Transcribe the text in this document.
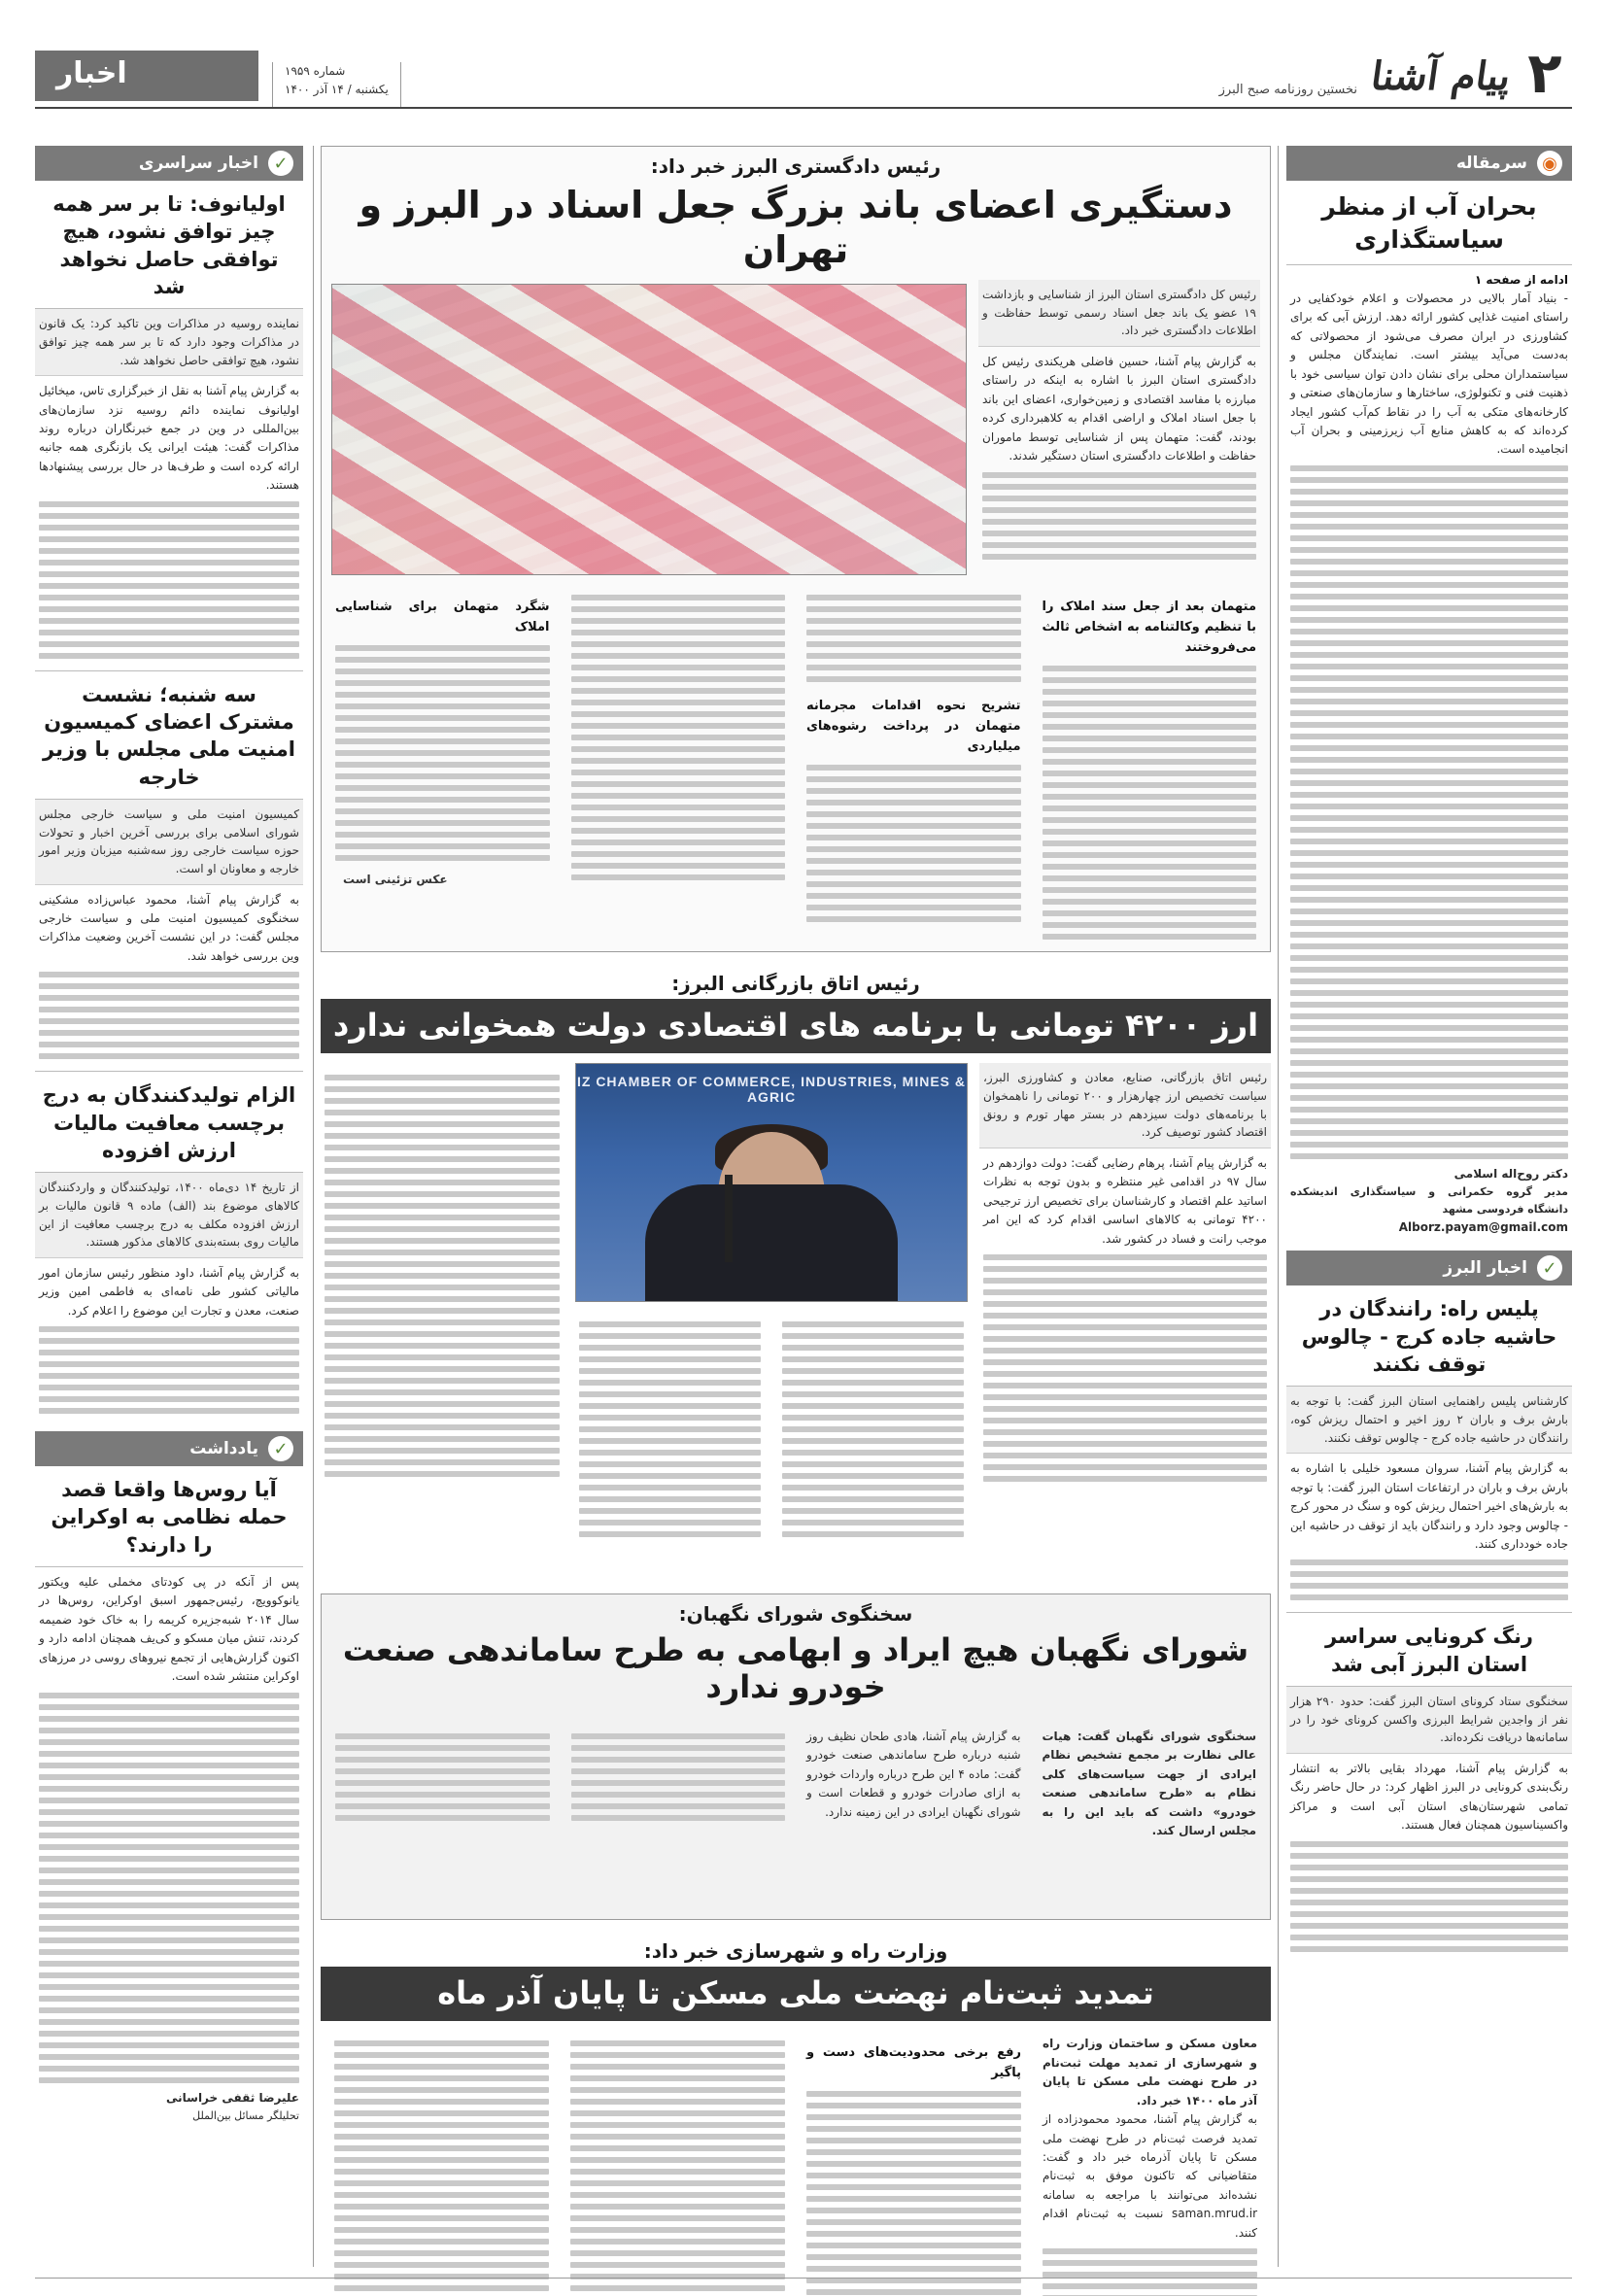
۲
پیام آشنا
نخستین روزنامه صبح البرز
شماره ۱۹۵۹
یکشنبه / ۱۴ آذر ۱۴۰۰
اخبار
◉
سرمقاله
بحران آب از منظر سیاستگذاری
ادامه از صفحه ۱

- بنیاد آمار بالایی در محصولات و اعلام خودکفایی در راستای امنیت غذایی کشور ارائه دهد. ارزش آبی که برای کشاورزی در ایران مصرف می‌شود از محصولاتی که به‌دست می‌آید بیشتر است. نمایندگان مجلس و سیاستمداران محلی برای نشان دادن توان سیاسی خود با ذهنیت فنی و تکنولوژی، ساختارها و سازمان‌های صنعتی و کارخانه‌های متکی به آب را در نقاط کم‌آب کشور ایجاد کرده‌اند که به کاهش منابع آب زیرزمینی و بحران آب انجامیده است.

دکتر روح‌اله اسلامی
مدیر گروه حکمرانی و سیاستگذاری اندیشکده دانشگاه فردوسی مشهد
Alborz.payam@gmail.com
✓
اخبار البرز
پلیس راه: رانندگان در حاشیه جاده کرج - چالوس توقف نکنند
کارشناس پلیس راهنمایی استان البرز گفت: با توجه به بارش برف و باران ۲ روز اخیر و احتمال ریزش کوه، رانندگان در حاشیه جاده کرج - چالوس توقف نکنند.

به گزارش پیام آشنا، سروان مسعود خلیلی با اشاره به بارش برف و باران در ارتفاعات استان البرز گفت: با توجه به بارش‌های اخیر احتمال ریزش کوه و سنگ در محور کرج - چالوس وجود دارد و رانندگان باید از توقف در حاشیه این جاده خودداری کنند.

رنگ کرونایی سراسر استان البرز آبی شد
سخنگوی ستاد کرونای استان البرز گفت: حدود ۲۹۰ هزار نفر از واجدین شرایط البرزی واکسن کرونای خود را در سامانه‌ها دریافت نکرده‌اند.

به گزارش پیام آشنا، مهرداد بقایی بالاتر به انتشار رنگ‌بندی کرونایی در البرز اظهار کرد: در حال حاضر رنگ تمامی شهرستان‌های استان آبی است و مراکز واکسیناسیون همچنان فعال هستند.

✓
اخبار سراسری
اولیانوف: تا بر سر همه چیز توافق نشود، هیچ توافقی حاصل نخواهد شد
نماینده روسیه در مذاکرات وین تاکید کرد: یک قانون در مذاکرات وجود دارد که تا بر سر همه چیز توافق نشود، هیچ توافقی حاصل نخواهد شد.

به گزارش پیام آشنا به نقل از خبرگزاری تاس، میخائیل اولیانوف نماینده دائم روسیه نزد سازمان‌های بین‌المللی در وین در جمع خبرنگاران درباره روند مذاکرات گفت: هیئت ایرانی یک بازنگری همه جانبه ارائه کرده است و طرف‌ها در حال بررسی پیشنهادها هستند.

سه شنبه؛ نشست مشترک اعضای کمیسیون امنیت ملی مجلس با وزیر خارجه
کمیسیون امنیت ملی و سیاست خارجی مجلس شورای اسلامی برای بررسی آخرین اخبار و تحولات حوزه سیاست خارجی روز سه‌شنبه میزبان وزیر امور خارجه و معاونان او است.

به گزارش پیام آشنا، محمود عباس‌زاده مشکینی سخنگوی کمیسیون امنیت ملی و سیاست خارجی مجلس گفت: در این نشست آخرین وضعیت مذاکرات وین بررسی خواهد شد.

الزام تولیدکنندگان به درج برچسب معافیت مالیات ارزش افزوده
از تاریخ ۱۴ دی‌ماه ۱۴۰۰، تولیدکنندگان و واردکنندگان کالاهای موضوع بند (الف) ماده ۹ قانون مالیات بر ارزش افزوده مکلف به درج برچسب معافیت از این مالیات روی بسته‌بندی کالاهای مذکور هستند.

به گزارش پیام آشنا، داود منظور رئیس سازمان امور مالیاتی کشور طی نامه‌ای به فاطمی امین وزیر صنعت، معدن و تجارت این موضوع را اعلام کرد.

✓
یادداشت
آیا روس‌ها واقعا قصد حمله نظامی به اوکراین را دارند؟

پس از آنکه در پی کودتای مخملی علیه ویکتور یانوکوویچ، رئیس‌جمهور اسبق اوکراین، روس‌ها در سال ۲۰۱۴ شبه‌جزیره کریمه را به خاک خود ضمیمه کردند، تنش میان مسکو و کی‌یف همچنان ادامه دارد و اکنون گزارش‌هایی از تجمع نیروهای روسی در مرزهای اوکراین منتشر شده است.

علیرضا ثقفی خراسانی
تحلیلگر مسائل بین‌الملل
رئیس دادگستری البرز خبر داد:
دستگیری اعضای باند بزرگ جعل اسناد در البرز و تهران
رئیس کل دادگستری استان البرز از شناسایی و بازداشت ۱۹ عضو یک باند جعل اسناد رسمی توسط حفاظت و اطلاعات دادگستری خبر داد.

به گزارش پیام آشنا، حسین فاضلی هریکندی رئیس کل دادگستری استان البرز با اشاره به اینکه در راستای مبارزه با مفاسد اقتصادی و زمین‌خواری، اعضای این باند با جعل اسناد املاک و اراضی اقدام به کلاهبرداری کرده بودند، گفت: متهمان پس از شناسایی توسط ماموران حفاظت و اطلاعات دادگستری استان دستگیر شدند.

متهمان بعد از جعل سند املاک را با تنظیم وکالتنامه به اشخاص ثالث می‌فروختند
تشریح نحوه اقدامات مجرمانه متهمان در پرداخت رشوه‌های میلیاردی
شگرد متهمان برای شناسایی املاک
عکس تزئینی است
رئیس اتاق بازرگانی البرز:
ارز ۴۲۰۰ تومانی با برنامه های اقتصادی دولت همخوانی ندارد
رئیس اتاق بازرگانی، صنایع، معادن و کشاورزی البرز، سیاست تخصیص ارز چهارهزار و ۲۰۰ تومانی را ناهمخوان با برنامه‌های دولت سیزدهم در بستر مهار تورم و رونق اقتصاد کشور توصیف کرد.

به گزارش پیام آشنا، پرهام رضایی گفت: دولت دوازدهم در سال ۹۷ در اقدامی غیر منتظره و بدون توجه به نظرات اساتید علم اقتصاد و کارشناسان برای تخصیص ارز ترجیحی ۴۲۰۰ تومانی به کالاهای اساسی اقدام کرد که این امر موجب رانت و فساد در کشور شد.

IZ CHAMBER OF COMMERCE, INDUSTRIES, MINES & AGRIC
سخنگوی شورای نگهبان:
شورای نگهبان هیچ ایراد و ابهامی به طرح ساماندهی صنعت خودرو ندارد

سخنگوی شورای نگهبان گفت: هیات عالی نظارت بر مجمع تشخیص نظام ایرادی از جهت سیاست‌های کلی نظام به «طرح ساماندهی صنعت خودرو» داشت که باید این را به مجلس ارسال کند.

به گزارش پیام آشنا، هادی طحان نظیف روز شنبه درباره طرح ساماندهی صنعت خودرو گفت: ماده ۴ این طرح درباره واردات خودرو به ازای صادرات خودرو و قطعات است و شورای نگهبان ایرادی در این زمینه ندارد.

وزارت راه و شهرسازی خبر داد:
تمدید ثبت‌نام نهضت ملی مسکن تا پایان آذر ماه

معاون مسکن و ساختمان وزارت راه و شهرسازی از تمدید مهلت ثبت‌نام در طرح نهضت ملی مسکن تا پایان آذر ماه ۱۴۰۰ خبر داد.

به گزارش پیام آشنا، محمود محمودزاده از تمدید فرصت ثبت‌نام در طرح نهضت ملی مسکن تا پایان آذرماه خبر داد و گفت: متقاضیانی که تاکنون موفق به ثبت‌نام نشده‌اند می‌توانند با مراجعه به سامانه saman.mrud.ir نسبت به ثبت‌نام اقدام کنند.

رفع برخی محدودیت‌های دست و پاگیر
